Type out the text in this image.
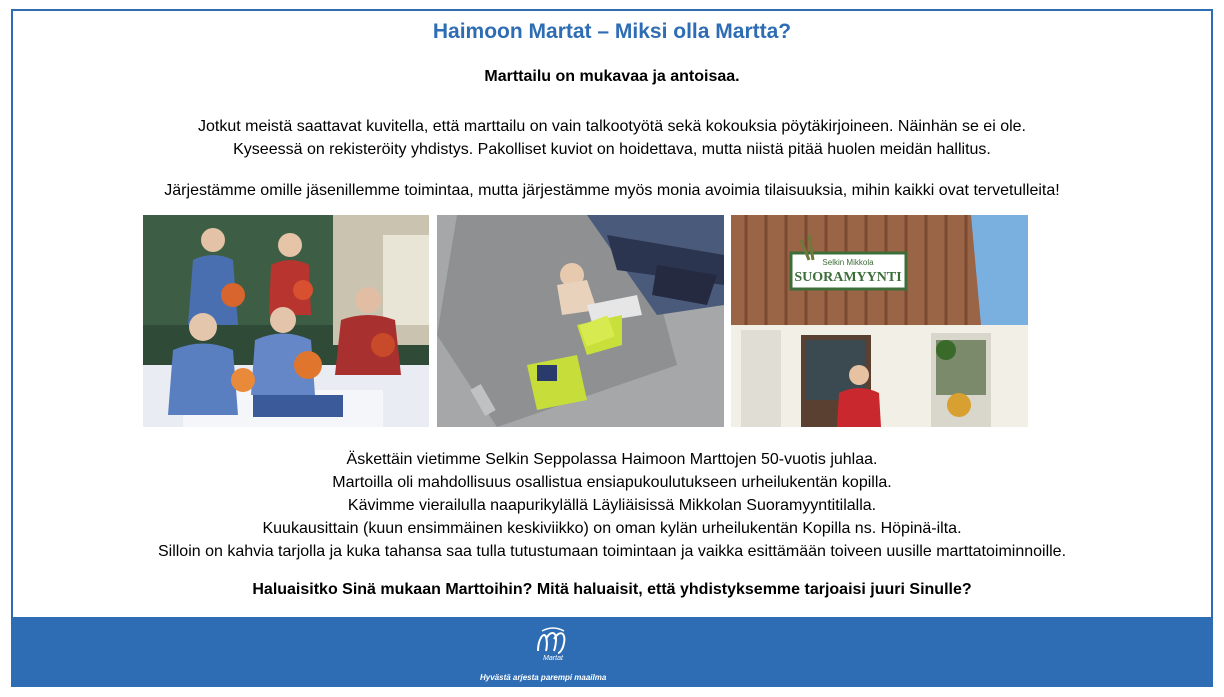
Haimoon Martat – Miksi olla Martta?
Marttailu on mukavaa ja antoisaa.
Jotkut meistä saattavat kuvitella, että marttailu on vain talkootyötä sekä kokouksia pöytäkirjoineen. Näinhän se ei ole.
Kyseessä on rekisteröity yhdistys. Pakolliset kuviot on hoidettava, mutta niistä pitää huolen meidän hallitus.
Järjestämme omille jäsenillemme toimintaa, mutta järjestämme myös monia avoimia tilaisuuksia, mihin kaikki ovat tervetulleita!
Selkin Mikkola
SUORAMYYNTI
Äskettäin vietimme Selkin Seppolassa Haimoon Marttojen 50-vuotis juhlaa.
Martoilla oli mahdollisuus osallistua ensiapukoulutukseen urheilukentän kopilla.
Kävimme vierailulla naapurikylällä Läyliäisissä Mikkolan Suoramyyntitilalla.
Kuukausittain (kuun ensimmäinen keskiviikko) on oman kylän urheilukentän Kopilla ns. Höpinä-ilta.
Silloin on kahvia tarjolla ja kuka tahansa saa tulla tutustumaan toimintaan ja vaikka esittämään toiveen uusille marttatoiminnoille.
Haluaisitko Sinä mukaan Marttoihin? Mitä haluaisit, että yhdistyksemme tarjoaisi juuri Sinulle?
Martat
Hyvästä arjesta parempi maailma
